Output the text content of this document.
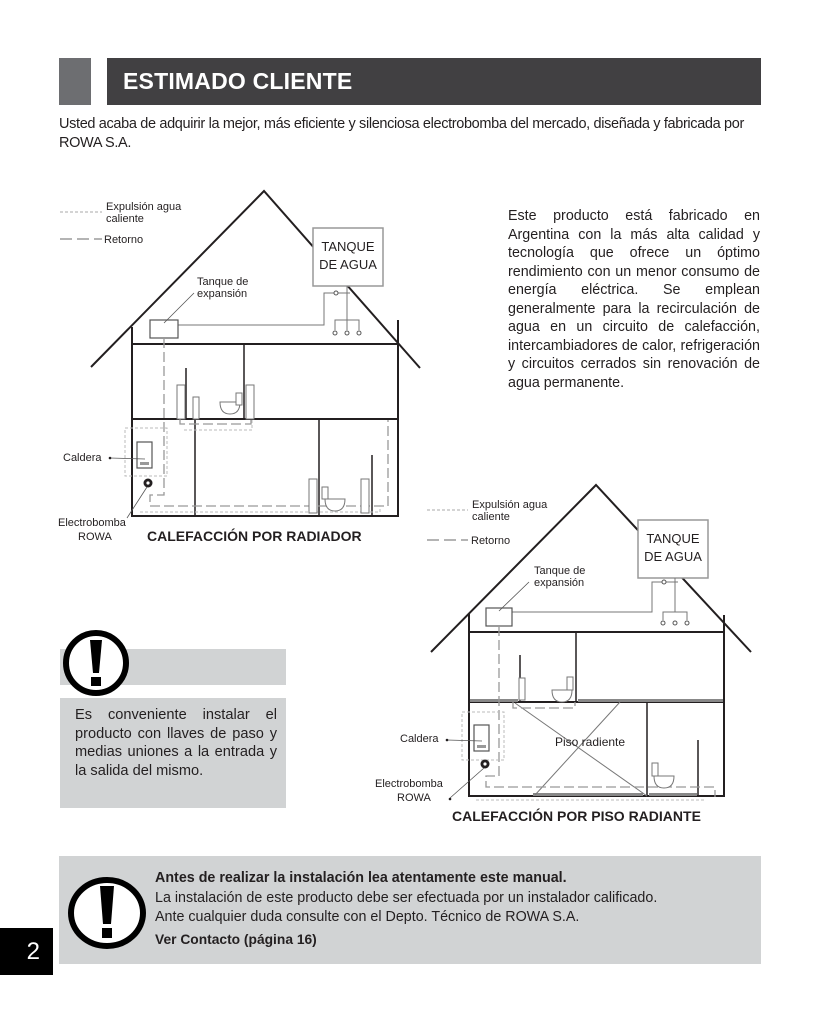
ESTIMADO CLIENTE
Usted acaba de adquirir la mejor, más eficiente y silenciosa electrobomba del mercado, diseñada y fabricada por ROWA S.A.
Este producto está fabricado en Argentina con la más alta calidad y tecnología que ofrece un óptimo rendimiento con un menor consumo de energía eléctrica. Se emplean generalmente para la recirculación de agua en un circuito de calefacción, intercambiadores de calor, refrigeración y circuitos cerrados sin renovación de agua permanente.
Expulsión agua
caliente
Retorno	TANQUE
DE AGUA
Tanque de
expansión
Caldera
Electrobomba
ROWA	CALEFACCIÓN POR RADIADOR
Expulsión agua
caliente
Retorno
Piso radiente
TANQUE
DE AGUA
Tanque de
expansión
Caldera
Electrobomba
ROWA
CALEFACCIÓN POR PISO RADIANTE
Es conveniente instalar el producto con llaves de paso y medias uniones a la entrada y la salida del mismo.
Antes de realizar la instalación lea atentamente este manual.
La instalación de este producto debe ser efectuada por un instalador calificado.
Ante cualquier duda consulte con el Depto. Técnico de ROWA S.A.
Ver Contacto (página 16)
2
